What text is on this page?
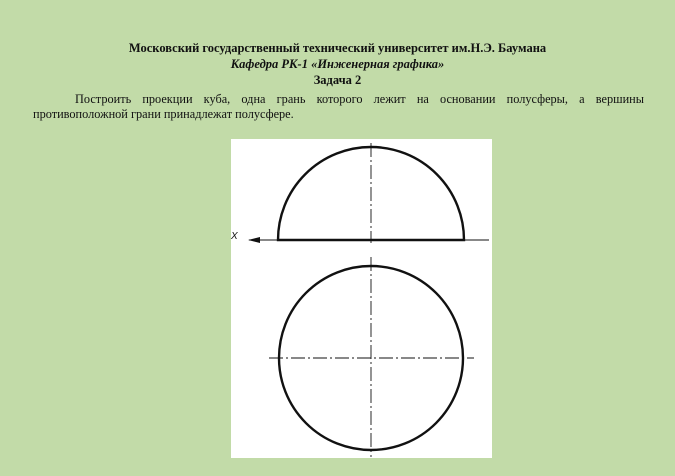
Московский государственный технический университет им.Н.Э. Баумана
Кафедра РК-1 «Инженерная графика»
Задача 2
Построить проекции куба, одна грань которого лежит на основании полусферы, а вершины противоположной грани принадлежат полусфере.
X
